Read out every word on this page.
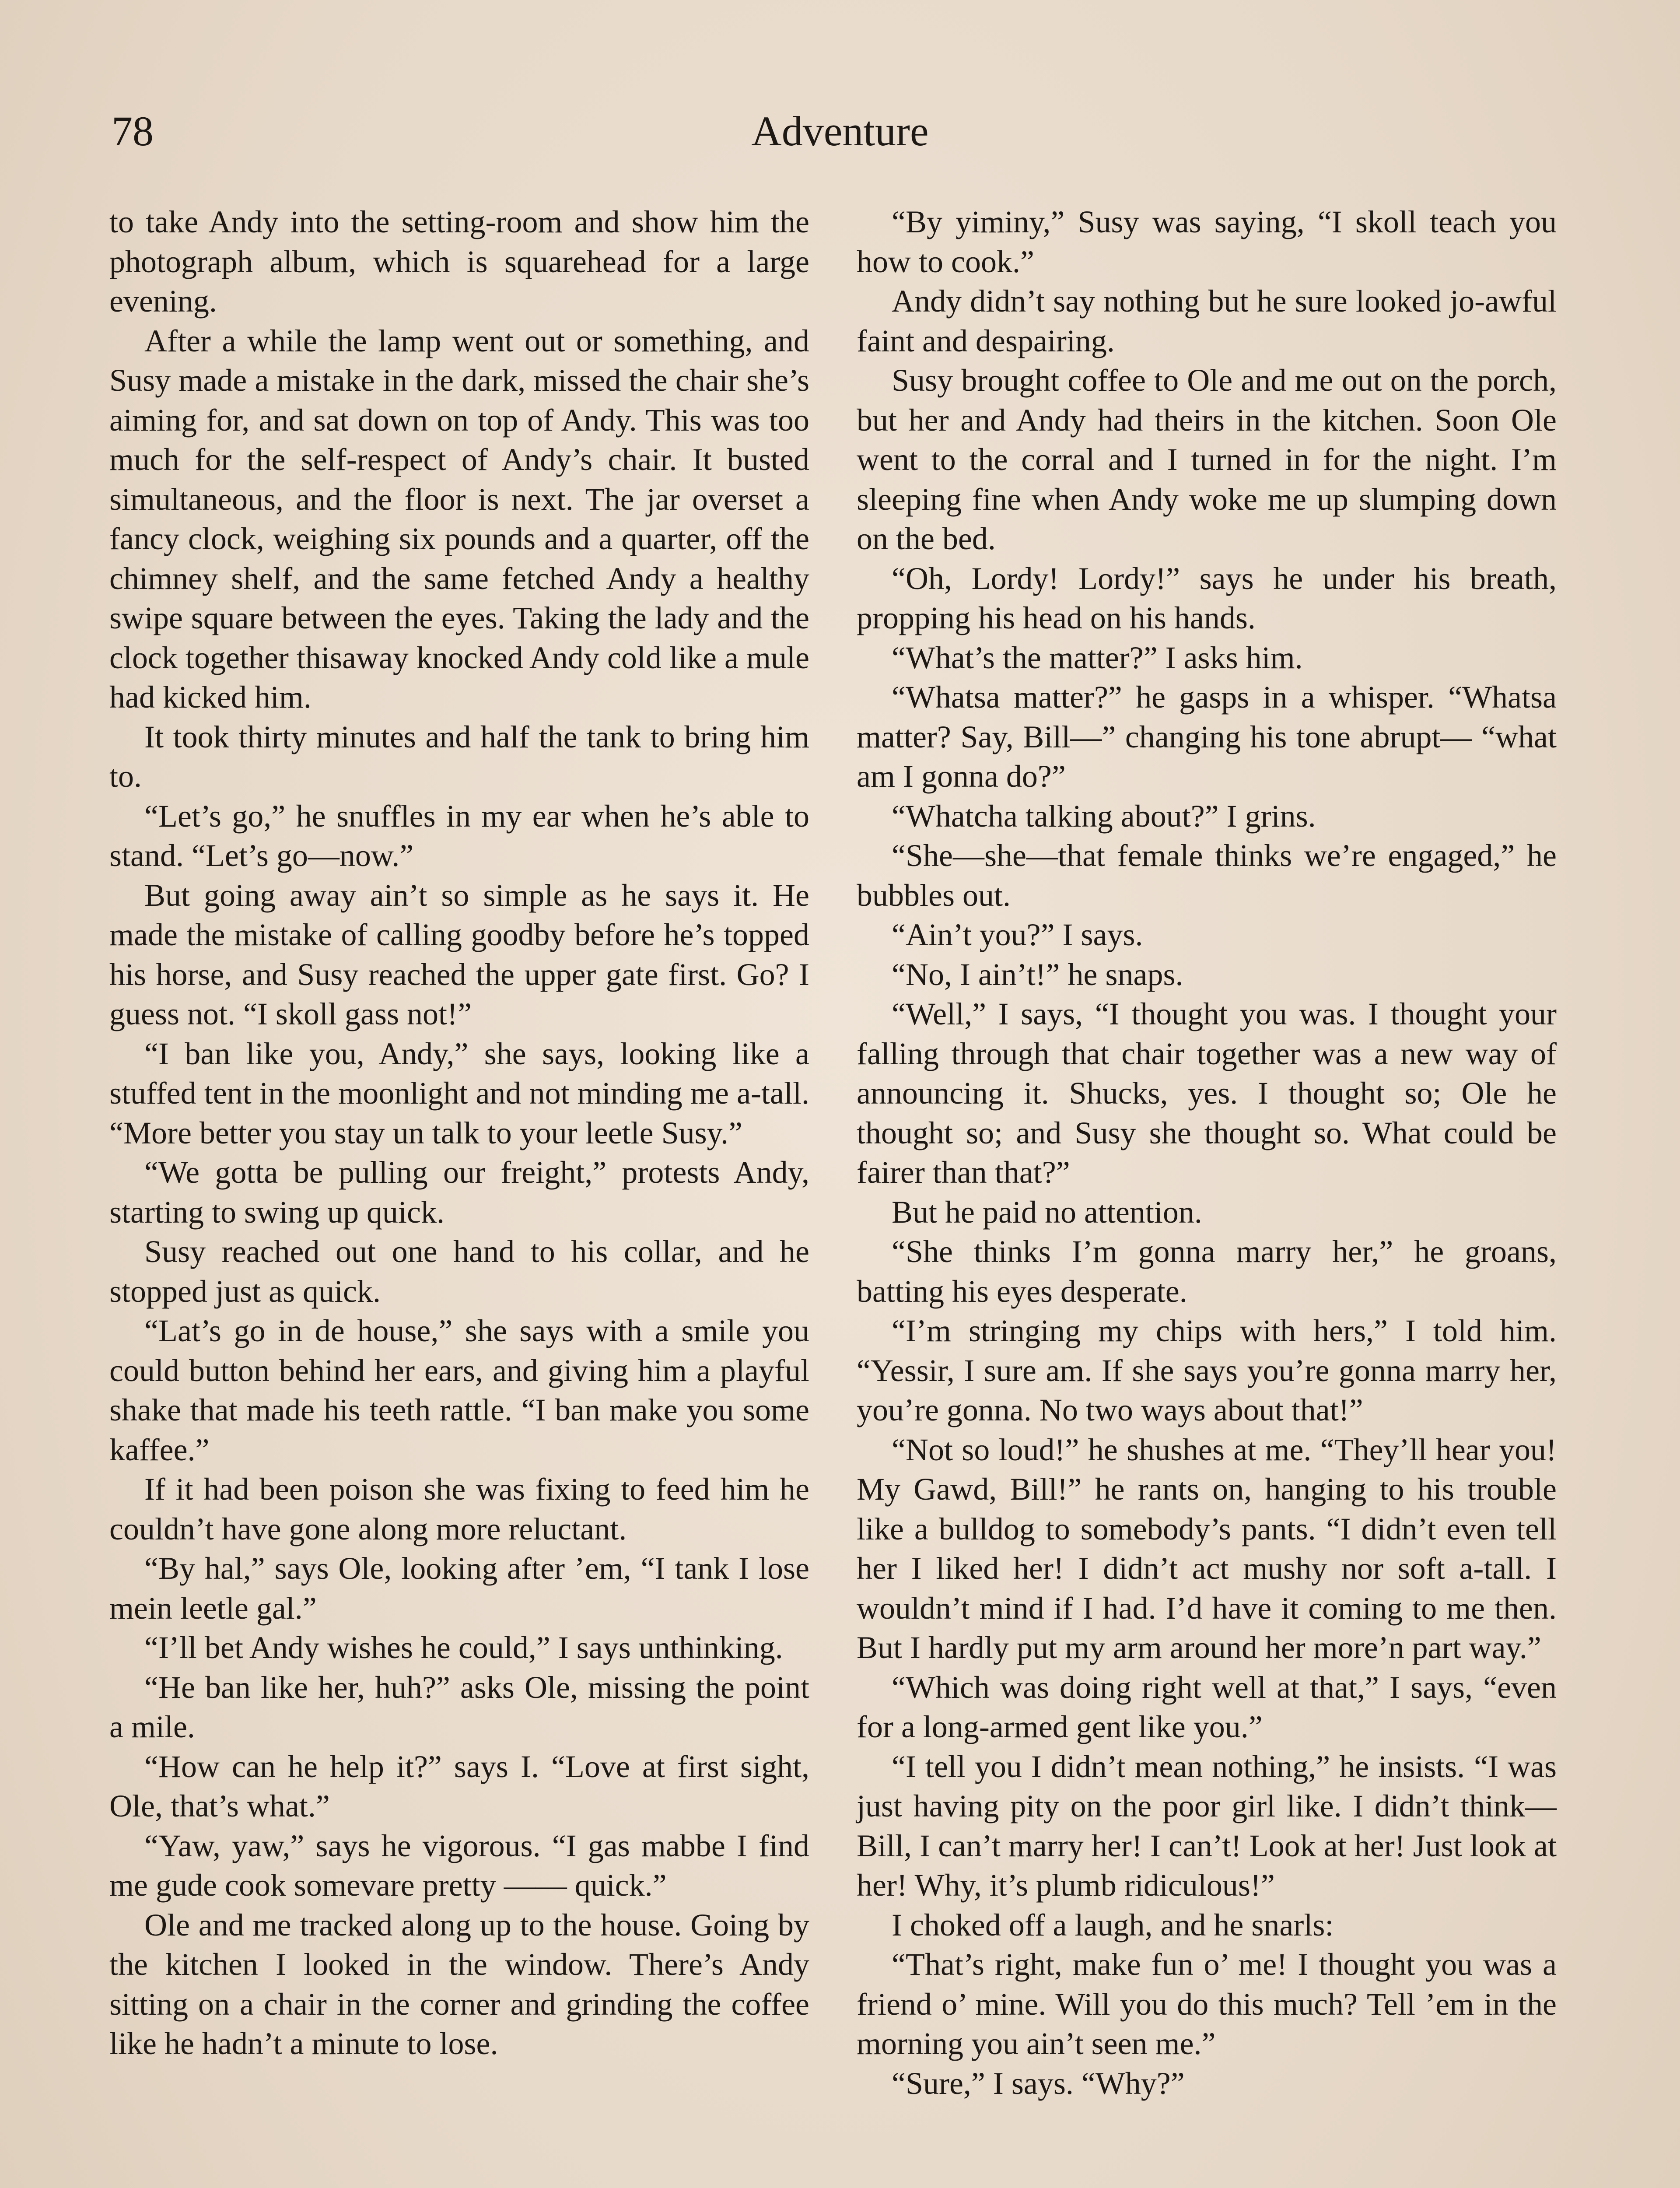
78	Adventure

to take Andy into the setting-room and show him the photograph album, which is squarehead for a large evening.

After a while the lamp went out or something, and Susy made a mistake in the dark, missed the chair she’s aiming for, and sat down on top of Andy. This was too much for the self-respect of Andy’s chair. It busted simultaneous, and the floor is next. The jar overset a fancy clock, weighing six pounds and a quarter, off the chimney shelf, and the same fetched Andy a healthy swipe square between the eyes. Taking the lady and the clock together thisaway knocked Andy cold like a mule had kicked him.

It took thirty minutes and half the tank to bring him to.

“Let’s go,” he snuffles in my ear when he’s able to stand. “Let’s go—now.”

But going away ain’t so simple as he says it. He made the mistake of calling goodby before he’s topped his horse, and Susy reached the upper gate first. Go? I guess not. “I skoll gass not!”

“I ban like you, Andy,” she says, looking like a stuffed tent in the moonlight and not minding me a-tall. “More better you stay un talk to your leetle Susy.”

“We gotta be pulling our freight,” protests Andy, starting to swing up quick.

Susy reached out one hand to his collar, and he stopped just as quick.

“Lat’s go in de house,” she says with a smile you could button behind her ears, and giving him a playful shake that made his teeth rattle. “I ban make you some kaffee.”

If it had been poison she was fixing to feed him he couldn’t have gone along more reluctant.

“By hal,” says Ole, looking after ’em, “I tank I lose mein leetle gal.”

“I’ll bet Andy wishes he could,” I says unthinking.

“He ban like her, huh?” asks Ole, missing the point a mile.

“How can he help it?” says I. “Love at first sight, Ole, that’s what.”

“Yaw, yaw,” says he vigorous. “I gas mabbe I find me gude cook somevare pretty —— quick.”

Ole and me tracked along up to the house. Going by the kitchen I looked in the window. There’s Andy sitting on a chair in the corner and grinding the coffee like he hadn’t a minute to lose.

“By yiminy,” Susy was saying, “I skoll teach you how to cook.”

Andy didn’t say nothing but he sure looked jo-awful faint and despairing.

Susy brought coffee to Ole and me out on the porch, but her and Andy had theirs in the kitchen. Soon Ole went to the corral and I turned in for the night. I’m sleeping fine when Andy woke me up slumping down on the bed.

“Oh, Lordy! Lordy!” says he under his breath, propping his head on his hands.

“What’s the matter?” I asks him.

“Whatsa matter?” he gasps in a whisper. “Whatsa matter? Say, Bill—” changing his tone abrupt— “what am I gonna do?”

“Whatcha talking about?” I grins.

“She—she—that female thinks we’re engaged,” he bubbles out.

“Ain’t you?” I says.

“No, I ain’t!” he snaps.

“Well,” I says, “I thought you was. I thought your falling through that chair together was a new way of announcing it. Shucks, yes. I thought so; Ole he thought so; and Susy she thought so. What could be fairer than that?”

But he paid no attention.

“She thinks I’m gonna marry her,” he groans, batting his eyes desperate.

“I’m stringing my chips with hers,” I told him. “Yessir, I sure am. If she says you’re gonna marry her, you’re gonna. No two ways about that!”

“Not so loud!” he shushes at me. “They’ll hear you! My Gawd, Bill!” he rants on, hanging to his trouble like a bulldog to somebody’s pants. “I didn’t even tell her I liked her! I didn’t act mushy nor soft a-tall. I wouldn’t mind if I had. I’d have it coming to me then. But I hardly put my arm around her more’n part way.”

“Which was doing right well at that,” I says, “even for a long-armed gent like you.”

“I tell you I didn’t mean nothing,” he insists. “I was just having pity on the poor girl like. I didn’t think—Bill, I can’t marry her! I can’t! Look at her! Just look at her! Why, it’s plumb ridiculous!”

I choked off a laugh, and he snarls:

“That’s right, make fun o’ me! I thought you was a friend o’ mine. Will you do this much? Tell ’em in the morning you ain’t seen me.”

“Sure,” I says. “Why?”
